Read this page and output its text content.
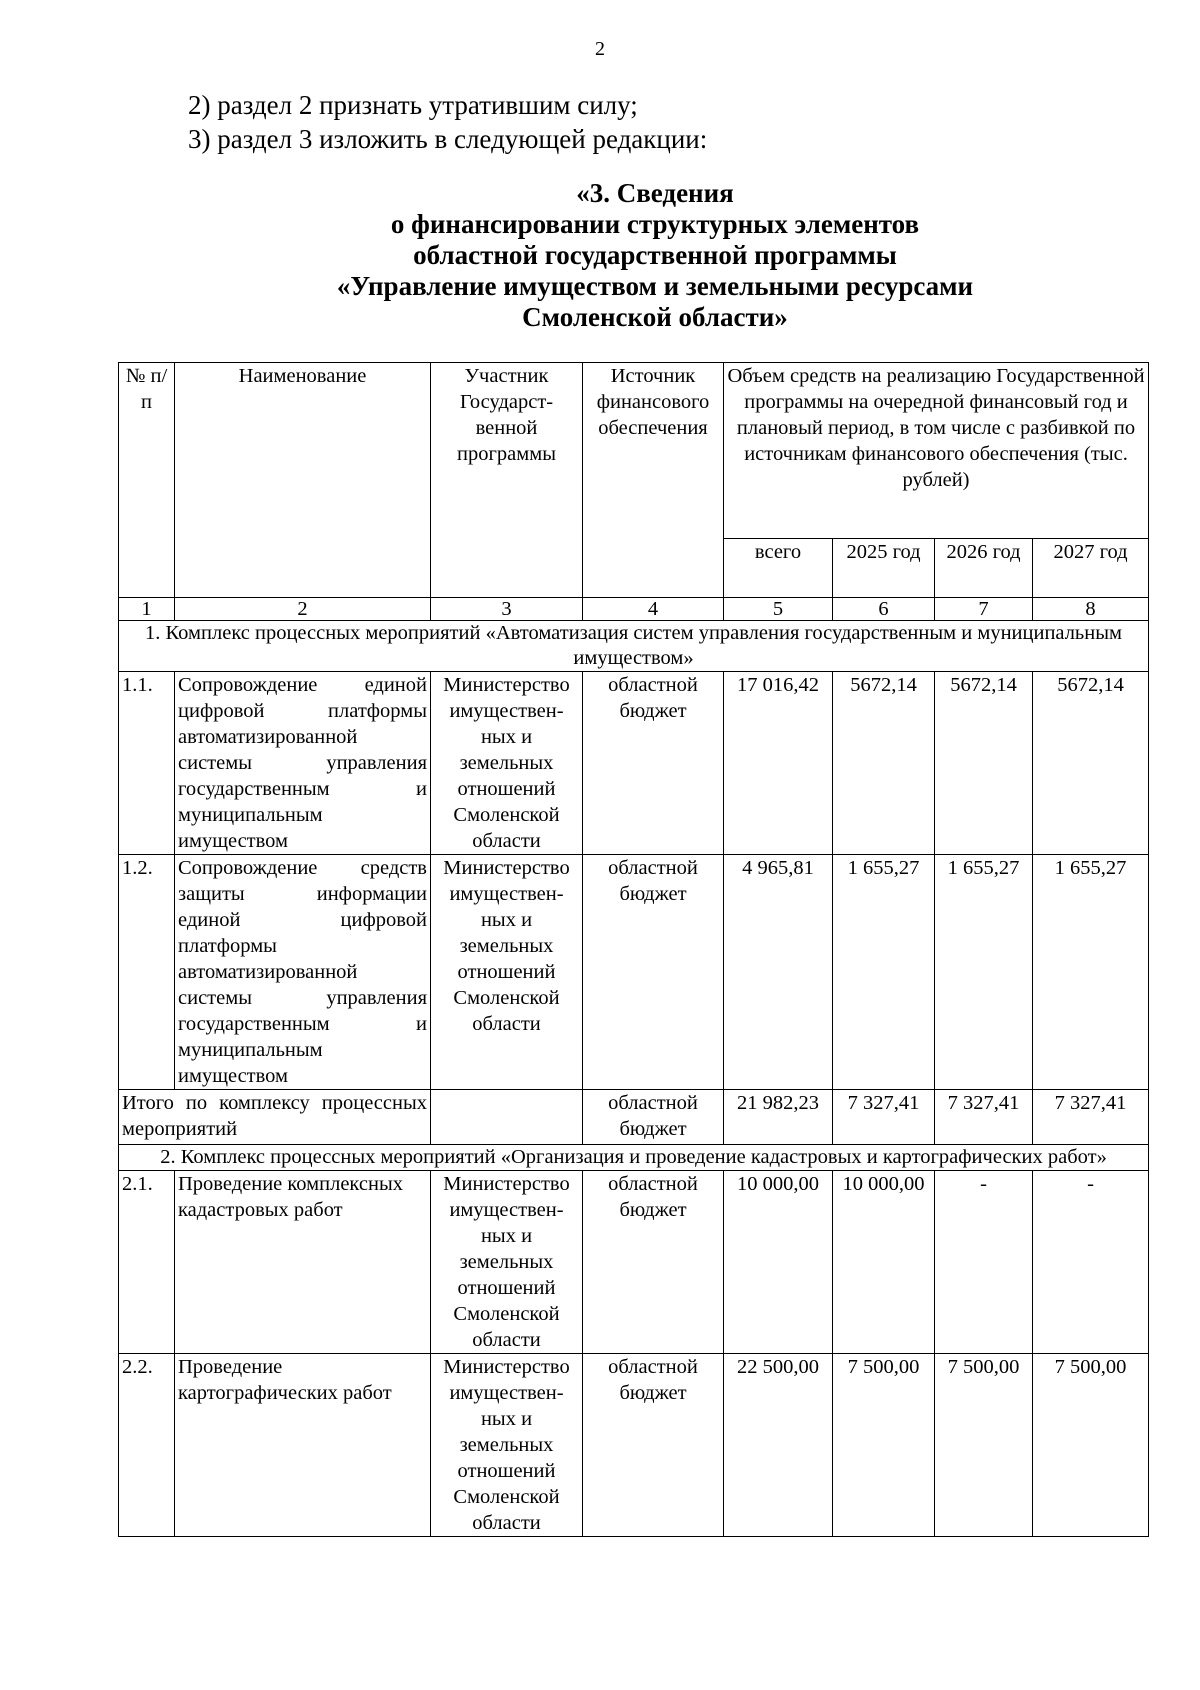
2
2) раздел 2 признать утратившим силу;
3) раздел 3 изложить в следующей редакции:
«3. Сведения
о финансировании структурных элементов
областной государственной программы
«Управление имуществом и земельными ресурсами
Смоленской области»
№ п/п	Наименование	Участник Государст-венной программы	Источник финансового обеспечения	Объем средств на реализацию Государственной программы на очередной финансовый год и плановый период, в том числе с разбивкой по источникам финансового обеспечения (тыс. рублей)			
				всего	2025 год	2026 год	2027 год
1	2	3	4	5	6	7	8
1. Комплекс процессных мероприятий «Автоматизация систем управления государственным и муниципальным имуществом»							
1.1.	Сопровождение единой цифровой платформы автоматизированной системы управления государственным и муниципальным имуществом	Министерство имуществен-ных и земельных отношений Смоленской области	областной бюджет	17 016,42	5672,14	5672,14	5672,14
1.2.	Сопровождение средств защиты информации единой цифровой платформы автоматизированной системы управления государственным и муниципальным имуществом	Министерство имуществен-ных и земельных отношений Смоленской области	областной бюджет	4 965,81	1 655,27	1 655,27	1 655,27
Итого по комплексу процессных мероприятий			областной бюджет	21 982,23	7 327,41	7 327,41	7 327,41
2. Комплекс процессных мероприятий «Организация и проведение кадастровых и картографических работ»							
2.1.	Проведение комплексных кадастровых работ	Министерство имуществен-ных и земельных отношений Смоленской области	областной бюджет	10 000,00	10 000,00	-	-
2.2.	Проведение картографических работ	Министерство имуществен-ных и земельных отношений Смоленской области	областной бюджет	22 500,00	7 500,00	7 500,00	7 500,00
